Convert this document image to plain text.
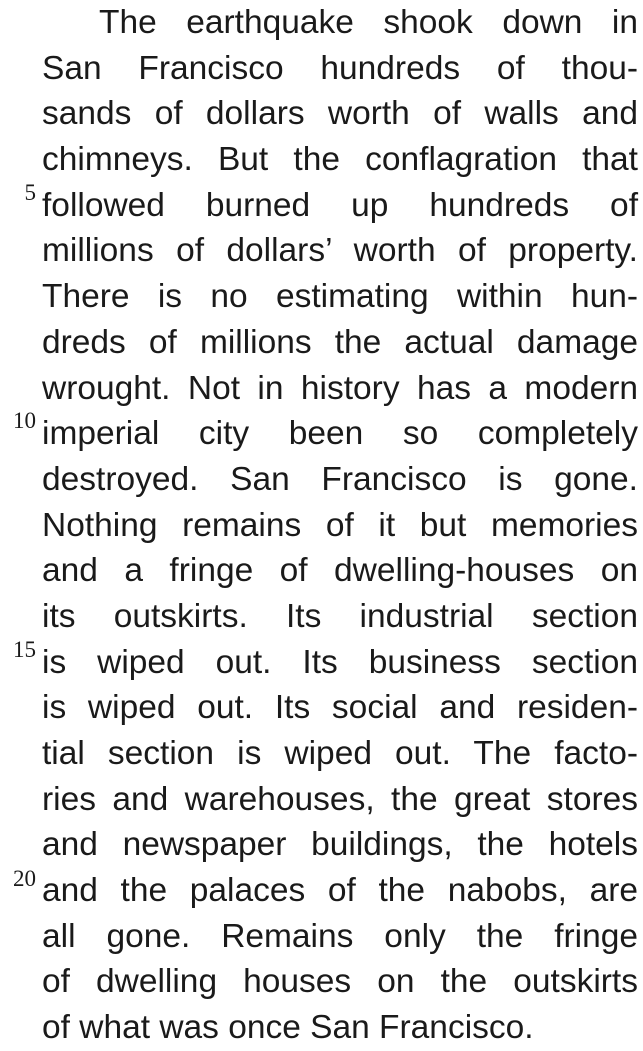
5
10
15
20
The earthquake shook down in
San Francisco hundreds of thou-
sands of dollars worth of walls and
chimneys. But the conflagration that
followed burned up hundreds of
millions of dollars’ worth of property.
There is no estimating within hun-
dreds of millions the actual damage
wrought. Not in history has a modern
imperial city been so completely
destroyed. San Francisco is gone.
Nothing remains of it but memories
and a fringe of dwelling-houses on
its outskirts. Its industrial section
is wiped out. Its business section
is wiped out. Its social and residen-
tial section is wiped out. The facto-
ries and warehouses, the great stores
and newspaper buildings, the hotels
and the palaces of the nabobs, are
all gone. Remains only the fringe
of dwelling houses on the outskirts
of what was once San Francisco.
